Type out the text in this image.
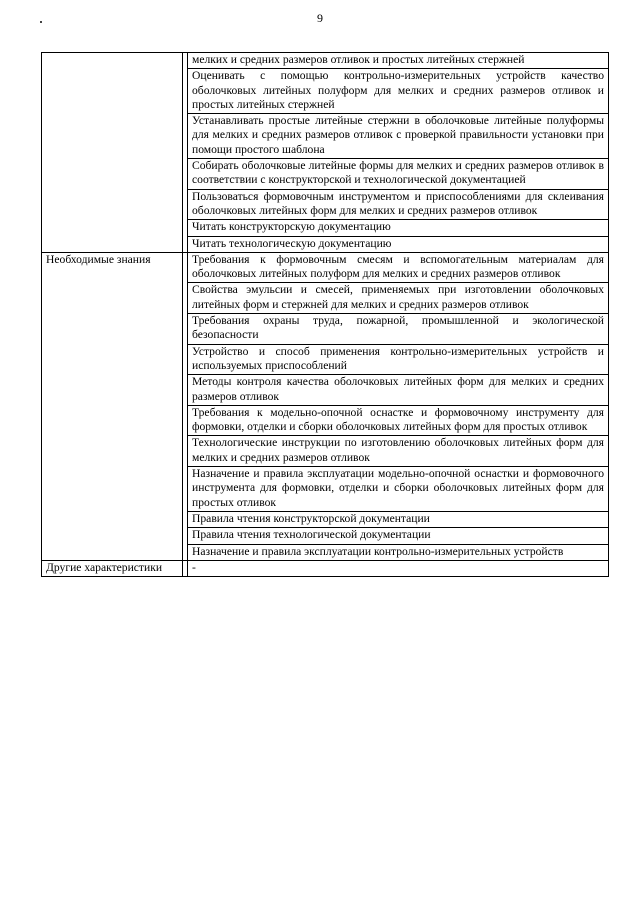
9
		мелких и средних размеров отливок и простых литейных стержней
		Оценивать с помощью контрольно-измерительных устройств качество оболочковых литейных полуформ для мелких и средних размеров отливок и простых литейных стержней
		Устанавливать простые литейные стержни в оболочковые литейные полуформы для мелких и средних размеров отливок с проверкой правильности установки при помощи простого шаблона
		Собирать оболочковые литейные формы для мелких и средних размеров отливок в соответствии с конструкторской и технологической документацией
		Пользоваться формовочным инструментом и приспособлениями для склеивания оболочковых литейных форм для мелких и средних размеров отливок
		Читать конструкторскую документацию
		Читать технологическую документацию
Необходимые знания		Требования к формовочным смесям и вспомогательным материалам для оболочковых литейных полуформ для мелких и средних размеров отливок
		Свойства эмульсии и смесей, применяемых при изготовлении оболочковых литейных форм и стержней для мелких и средних размеров отливок
		Требования охраны труда, пожарной, промышленной и экологической безопасности
		Устройство и способ применения контрольно-измерительных устройств и используемых приспособлений
		Методы контроля качества оболочковых литейных форм для мелких и средних размеров отливок
		Требования к модельно-опочной оснастке и формовочному инструменту для формовки, отделки и сборки оболочковых литейных форм для простых отливок
		Технологические инструкции по изготовлению оболочковых литейных форм для мелких и средних размеров отливок
		Назначение и правила эксплуатации модельно-опочной оснастки и формовочного инструмента для формовки, отделки и сборки оболочковых литейных форм для простых отливок
		Правила чтения конструкторской документации
		Правила чтения технологической документации
		Назначение и правила эксплуатации контрольно-измерительных устройств
Другие характеристики		-
